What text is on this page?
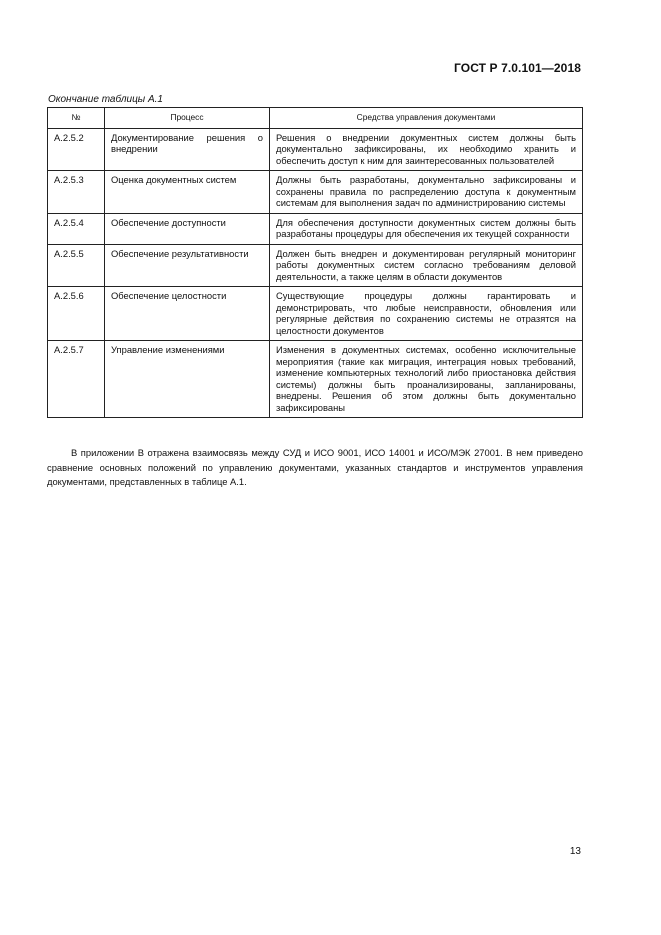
ГОСТ Р 7.0.101—2018
Окончание таблицы А.1
№	Процесс	Средства управления документами
А.2.5.2	Документирование решения о внедрении	Решения о внедрении документных систем должны быть документально зафиксированы, их необходимо хранить и обеспечить доступ к ним для заинтересованных пользователей
А.2.5.3	Оценка документных систем	Должны быть разработаны, документально зафиксированы и сохранены правила по распределению доступа к документным системам для выполнения задач по администрированию системы
А.2.5.4	Обеспечение доступности	Для обеспечения доступности документных систем должны быть разработаны процедуры для обеспечения их текущей сохранности
А.2.5.5	Обеспечение результативности	Должен быть внедрен и документирован регулярный мониторинг работы документных систем согласно требованиям деловой деятельности, а также целям в области документов
А.2.5.6	Обеспечение целостности	Существующие процедуры должны гарантировать и демонстрировать, что любые неисправности, обновления или регулярные действия по сохранению системы не отразятся на целостности документов
А.2.5.7	Управление изменениями	Изменения в документных системах, особенно исключительные мероприятия (такие как миграция, интеграция новых требований, изменение компьютерных технологий либо приостановка действия системы) должны быть проанализированы, запланированы, внедрены. Решения об этом должны быть документально зафиксированы
В приложении В отражена взаимосвязь между СУД и ИСО 9001, ИСО 14001 и ИСО/МЭК 27001. В нем приведено сравнение основных положений по управлению документами, указанных стандартов и инструментов управления документами, представленных в таблице А.1.
13
